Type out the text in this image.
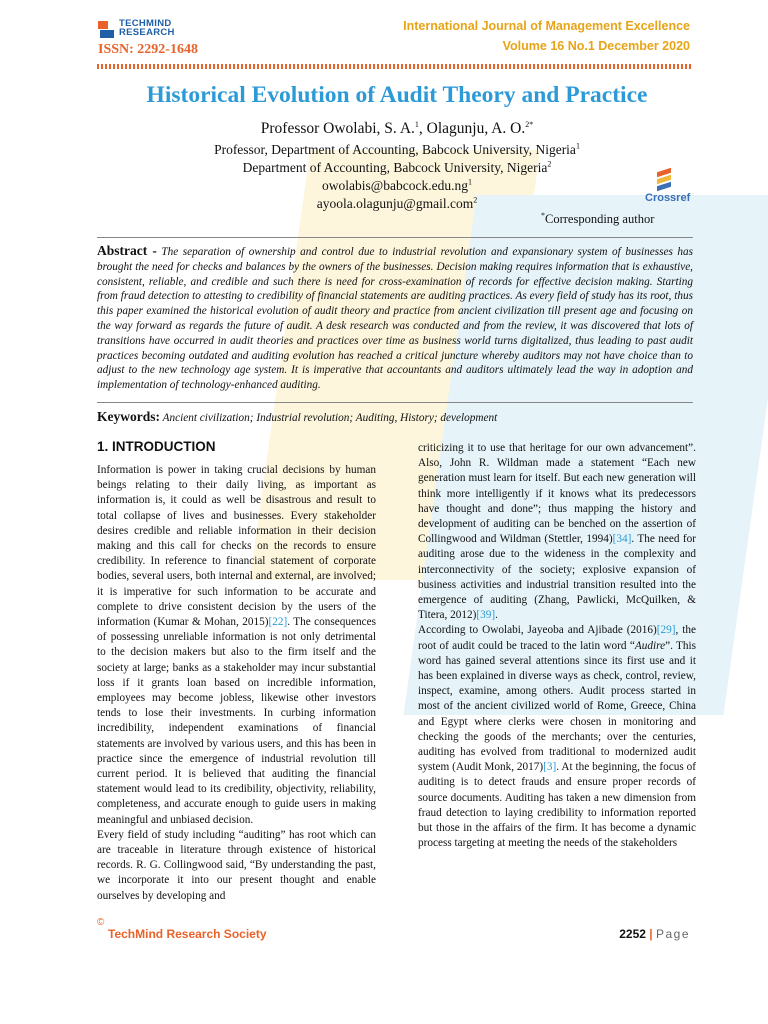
TECHMIND
RESEARCH
ISSN: 2292-1648
International Journal of Management Excellence
Volume 16 No.1 December 2020
Historical Evolution of Audit Theory and Practice
Professor Owolabi, S. A.$^1$, Olagunju, A. O.$^{2*}$
Professor, Department of Accounting, Babcock University, Nigeria$^1$
Department of Accounting, Babcock University, Nigeria$^2$
$owolabis@babcock.edu.ng^1$
ayoola.olagunju@gmail.com$^2$	Crossref
*Corresponding author
Abstract - The separation of ownership and control due to industrial revolution and expansionary system of businesses has brought the need for checks and balances by the owners of the businesses. Decision making requires information that is exhaustive, consistent, reliable, and credible and such there is need for cross-examination of records for effective decision making. Starting from fraud detection to attesting to credibility of financial statements are auditing practices. As every field of study has its root, thus this paper examined the historical evolution of audit theory and practice from ancient civilization till present age and focusing on the way forward as regards the future of audit. A desk research was conducted and from the review, it was discovered that lots of transitions have occurred in audit theories and practices over time as business world turns digitalized, thus leading to past audit practices becoming outdated and auditing evolution has reached a critical juncture whereby auditors may not have choice than to adjust to the new technology age system. It is imperative that accountants and auditors ultimately lead the way in adoption and implementation of technology-enhanced auditing.
Keywords: Ancient civilization; Industrial revolution; Auditing, History; development
1. INTRODUCTION

Information is power in taking crucial decisions by human beings relating to their daily living, as important as information is, it could as well be disastrous and result to total collapse of lives and businesses. Every stakeholder desires credible and reliable information in their decision making and this call for checks on the records to ensure credibility. In reference to financial statement of corporate bodies, several users, both internal and external, are involved; it is imperative for such information to be accurate and complete to drive consistent decision by the users of the information (Kumar & Mohan, 2015)[22]. The consequences of possessing unreliable information is not only detrimental to the decision makers but also to the firm itself and the society at large; banks as a stakeholder may incur substantial loss if it grants loan based on incredible information, employees may become jobless, likewise other investors tends to lose their investments. In curbing information incredibility, independent examinations of financial statements are involved by various users, and this has been in practice since the emergence of industrial revolution till current period. It is believed that auditing the financial statement would lead to its credibility, objectivity, reliability, completeness, and accurate enough to guide users in making meaningful and unbiased decision.

Every field of study including “auditing” has root which can are traceable in literature through existence of historical records. R. G. Collingwood said, “By understanding the past, we incorporate it into our present thought and enable ourselves by developing and

criticizing it to use that heritage for our own advancement”. Also, John R. Wildman made a statement “Each new generation must learn for itself. But each new generation will think more intelligently if it knows what its predecessors have thought and done”; thus mapping the history and development of auditing can be benched on the assertion of Collingwood and Wildman (Stettler, 1994)[34]. The need for auditing arose due to the wideness in the complexity and interconnectivity of the society; explosive expansion of business activities and industrial transition resulted into the emergence of auditing (Zhang, Pawlicki, McQuilken, & Titera, 2012)[39].

According to Owolabi, Jayeoba and Ajibade (2016)[29], the root of audit could be traced to the latin word “Audire”. This word has gained several attentions since its first use and it has been explained in diverse ways as check, control, review, inspect, examine, among others. Audit process started in most of the ancient civilized world of Rome, Greece, China and Egypt where clerks were chosen in monitoring and checking the goods of the merchants; over the centuries, auditing has evolved from traditional to modernized audit system (Audit Monk, 2017)[3]. At the beginning, the focus of auditing is to detect frauds and ensure proper records of source documents. Auditing has taken a new dimension from fraud detection to laying credibility to information reported but those in the affairs of the firm. It has become a dynamic process targeting at meeting the needs of the stakeholders

©
TechMind Research Society	2252 | Page
